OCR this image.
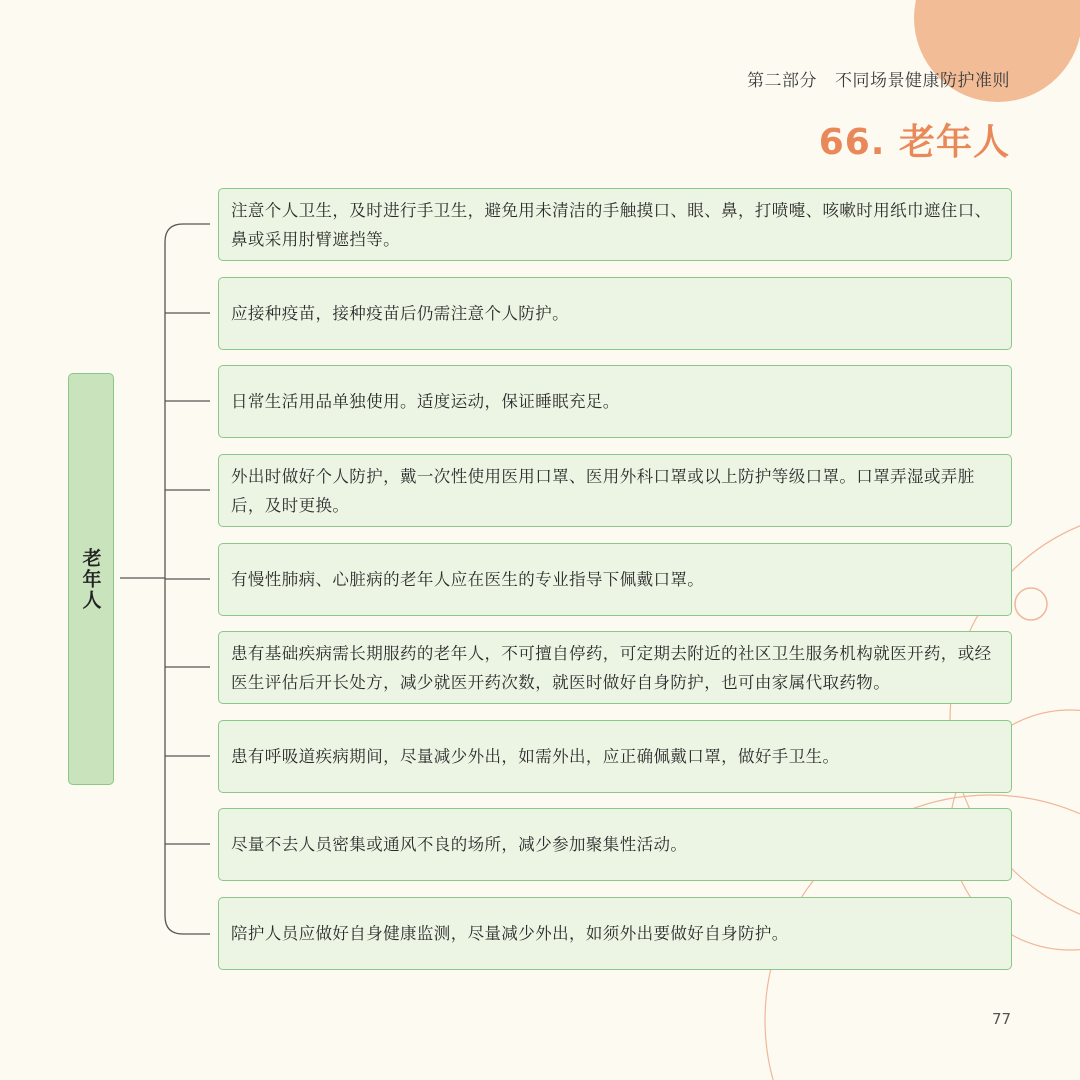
第二部分 不同场景健康防护准则
66. 老年人
老年人
注意个人卫生，及时进行手卫生，避免用未清洁的手触摸口、眼、鼻，打喷嚏、咳嗽时用纸巾遮住口、鼻或采用肘臂遮挡等。
应接种疫苗，接种疫苗后仍需注意个人防护。
日常生活用品单独使用。适度运动，保证睡眠充足。
外出时做好个人防护，戴一次性使用医用口罩、医用外科口罩或以上防护等级口罩。口罩弄湿或弄脏后，及时更换。
有慢性肺病、心脏病的老年人应在医生的专业指导下佩戴口罩。
患有基础疾病需长期服药的老年人，不可擅自停药，可定期去附近的社区卫生服务机构就医开药，或经医生评估后开长处方，减少就医开药次数，就医时做好自身防护，也可由家属代取药物。
患有呼吸道疾病期间，尽量减少外出，如需外出，应正确佩戴口罩，做好手卫生。
尽量不去人员密集或通风不良的场所，减少参加聚集性活动。
陪护人员应做好自身健康监测，尽量减少外出，如须外出要做好自身防护。
77
